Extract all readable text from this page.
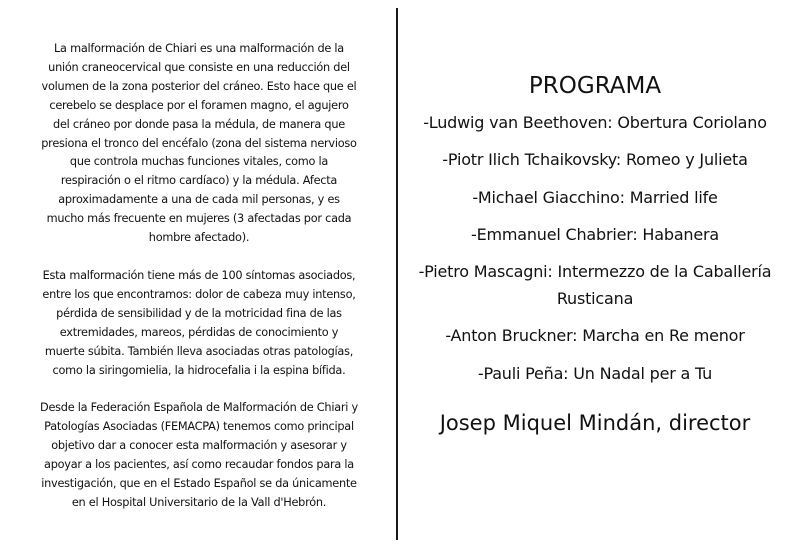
La malformación de Chiari es una malformación de la unión craneocervical que consiste en una reducción del volumen de la zona posterior del cráneo. Esto hace que el cerebelo se desplace por el foramen magno, el agujero del cráneo por donde pasa la médula, de manera que presiona el tronco del encéfalo (zona del sistema nervioso que controla muchas funciones vitales, como la respiración o el ritmo cardíaco) y la médula. Afecta aproximadamente a una de cada mil personas, y es mucho más frecuente en mujeres (3 afectadas por cada hombre afectado).

Esta malformación tiene más de 100 síntomas asociados, entre los que encontramos: dolor de cabeza muy intenso, pérdida de sensibilidad y de la motricidad fina de las extremidades, mareos, pérdidas de conocimiento y muerte súbita. También lleva asociadas otras patologías, como la siringomielia, la hidrocefalia i la espina bífida.

Desde la Federación Española de Malformación de Chiari y Patologías Asociadas (FEMACPA) tenemos como principal objetivo dar a conocer esta malformación y asesorar y apoyar a los pacientes, así como recaudar fondos para la investigación, que en el Estado Español se da únicamente en el Hospital Universitario de la Vall d'Hebrón.

PROGRAMA
-Ludwig van Beethoven: Obertura Coriolano
-Piotr Ilich Tchaikovsky: Romeo y Julieta
-Michael Giacchino: Married life
-Emmanuel Chabrier: Habanera
-Pietro Mascagni: Intermezzo de la Caballería Rusticana
-Anton Bruckner: Marcha en Re menor
-Pauli Peña: Un Nadal per a Tu
Josep Miquel Mindán, director
